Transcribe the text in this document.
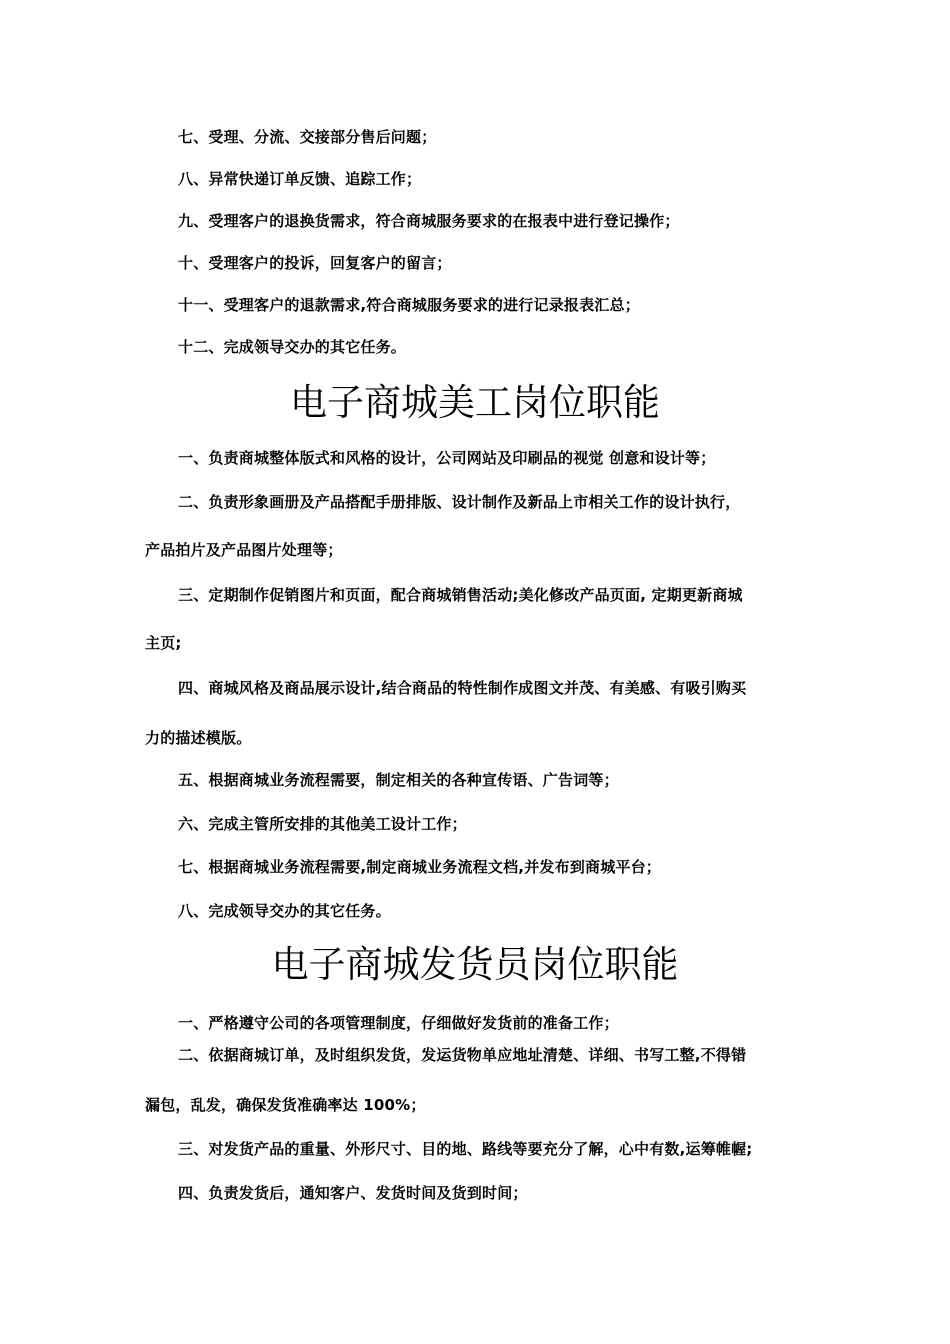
七、受理、分流、交接部分售后问题；
八、异常快递订单反馈、追踪工作；
九、受理客户的退换货需求，符合商城服务要求的在报表中进行登记操作；
十、受理客户的投诉，回复客户的留言；
十一、受理客户的退款需求,符合商城服务要求的进行记录报表汇总；
十二、完成领导交办的其它任务。
电子商城美工岗位职能
一、负责商城整体版式和风格的设计，公司网站及印刷品的视觉 创意和设计等；
二、负责形象画册及产品搭配手册排版、设计制作及新品上市相关工作的设计执行，
产品拍片及产品图片处理等；
三、定期制作促销图片和页面，配合商城销售活动;美化修改产品页面, 定期更新商城
主页;
四、商城风格及商品展示设计,结合商品的特性制作成图文并茂、有美感、有吸引购买
力的描述模版。
五、根据商城业务流程需要，制定相关的各种宣传语、广告词等；
六、完成主管所安排的其他美工设计工作；
七、根据商城业务流程需要,制定商城业务流程文档,并发布到商城平台；
八、完成领导交办的其它任务。
电子商城发货员岗位职能
一、严格遵守公司的各项管理制度，仔细做好发货前的准备工作；
二、依据商城订单，及时组织发货，发运货物单应地址清楚、详细、书写工整,不得错
漏包，乱发，确保发货准确率达 100%；
三、对发货产品的重量、外形尺寸、目的地、路线等要充分了解，心中有数,运筹帷幄;
四、负责发货后，通知客户、发货时间及货到时间；
